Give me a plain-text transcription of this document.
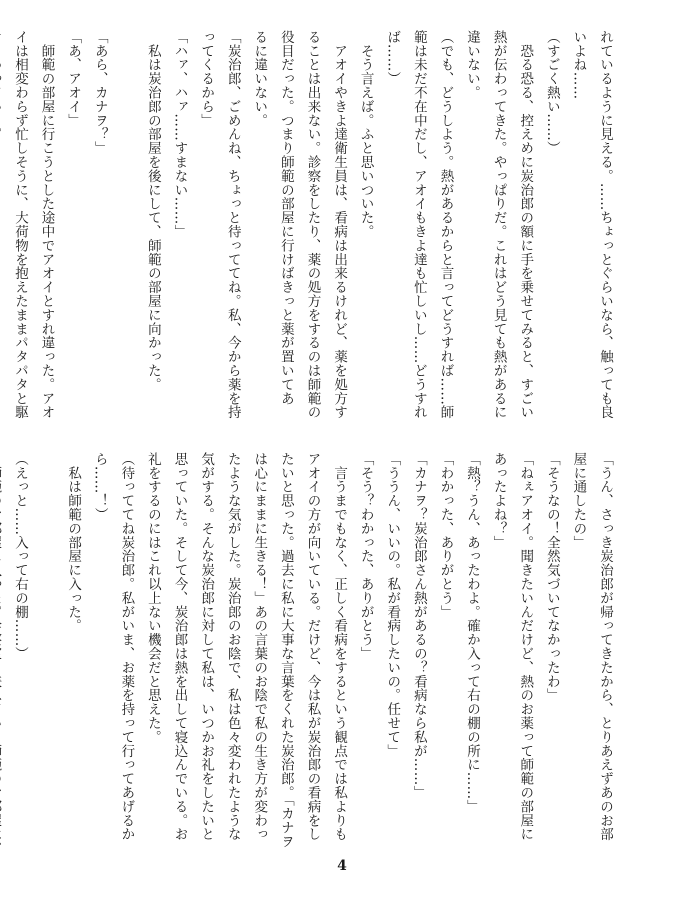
れているように見える。……ちょっとぐらいなら、触っても良
いよね……
（すごく熱い……）
　恐る恐る、控えめに炭治郎の額に手を乗せてみると、すごい
熱が伝わってきた。やっぱりだ。これはどう見ても熱があるに
違いない。
（でも、どうしよう。熱があるからと言ってどうすれば……師
範は未だ不在中だし、アオイもきよ達も忙しいし……どうすれ
ば……）
　そう言えば。ふと思いついた。
　アオイやきよ達衛生員は、看病は出来るけれど、薬を処方す
ることは出来ない。診察をしたり、薬の処方をするのは師範の
役目だった。つまり師範の部屋に行けばきっと薬が置いてあ
るに違いない。
「炭治郎、ごめんね、ちょっと待っててね。私、今から薬を持
ってくるから」
「ハァ、ハァ……すまない……」
　私は炭治郎の部屋を後にして、師範の部屋に向かった。

「あら、カナヲ？」
「あ、アオイ」
　師範の部屋に行こうとした途中でアオイとすれ違った。アオ
イは相変わらず忙しそうに、大荷物を抱えたままパタパタと駆
「うん、さっき炭治郎が帰ってきたから、とりあえずあのお部
屋に通したの」
「そうなの！全然気づいてなかったわ」
「ねぇアオイ。聞きたいんだけど、熱のお薬って師範の部屋に
あったよね？」
「熱？うん、あったわよ。確か入って右の棚の所に……」
「わかった、ありがとう」
「カナヲ？炭治郎さん熱があるの？看病なら私が……」
「ううん、いいの。私が看病したいの。任せて」
「そう？わかった、ありがとう」
　言うまでもなく、正しく看病をするという観点では私よりも
アオイの方が向いている。だけど、今は私が炭治郎の看病をし
たいと思った。過去に私に大事な言葉をくれた炭治郎。「カナヲ
は心にままに生きる！」あの言葉のお陰で私の生き方が変わっ
たような気がした。炭治郎のお陰で、私は色々変われたような
気がする。そんな炭治郎に対して私は、いつかお礼をしたいと
思っていた。そして今、炭治郎は熱を出して寝込んでいる。お
礼をするのにはこれ以上ない機会だと思えた。
（待っててね炭治郎。私がいま、お薬を持って行ってあげるか
ら……！）
　私は師範の部屋に入った。

（えっと……入って右の棚……）
4
